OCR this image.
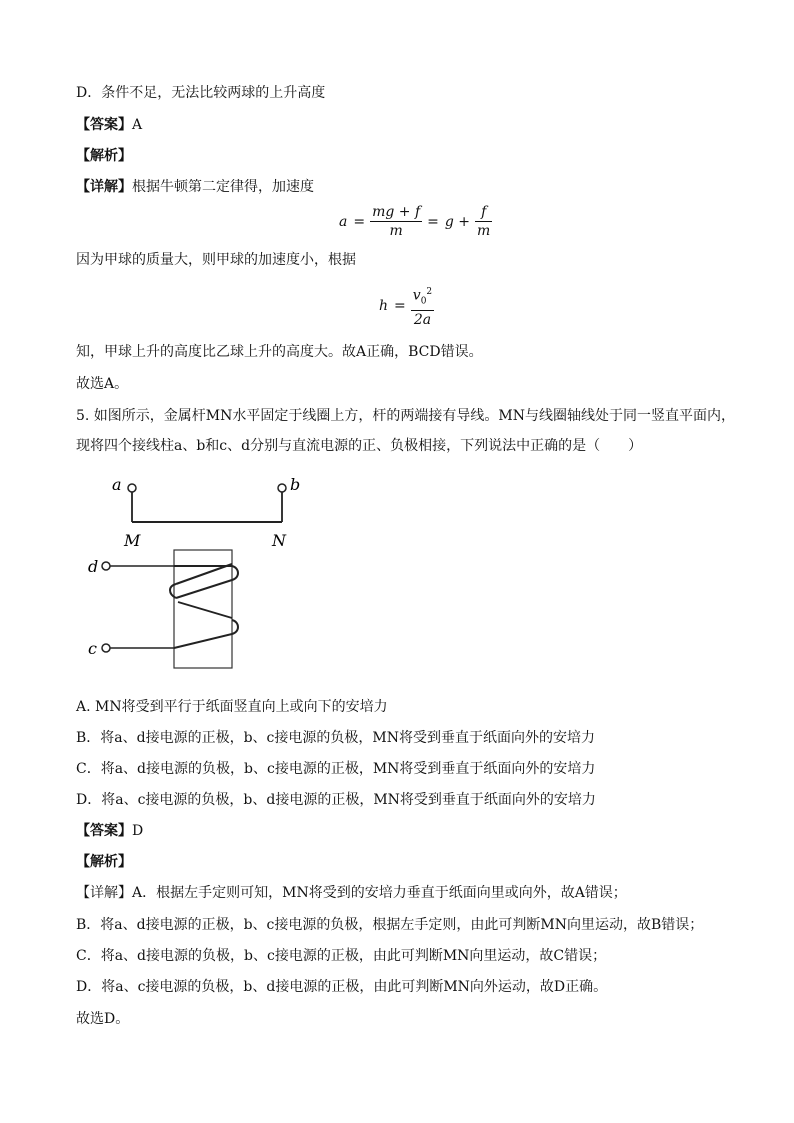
D．条件不足，无法比较两球的上升高度
【答案】A
【解析】
【详解】根据牛顿第二定律得，加速度
$a = \frac{mg + f}{m} = g + \frac{f}{m}$
因为甲球的质量大，则甲球的加速度小，根据
$h = \frac{v_0^2}{2a}$
知，甲球上升的高度比乙球上升的高度大。故A正确，BCD错误。
故选A。
5. 如图所示，金属杆MN水平固定于线圈上方，杆的两端接有导线。MN与线圈轴线处于同一竖直平面内，
现将四个接线柱a、b和c、d分别与直流电源的正、负极相接，下列说法中正确的是（　　）
a	b
M	N
d
c
A. MN将受到平行于纸面竖直向上或向下的安培力
B．将a、d接电源的正极，b、c接电源的负极，MN将受到垂直于纸面向外的安培力
C．将a、d接电源的负极，b、c接电源的正极，MN将受到垂直于纸面向外的安培力
D．将a、c接电源的负极，b、d接电源的正极，MN将受到垂直于纸面向外的安培力
【答案】D
【解析】
【详解】A．根据左手定则可知，MN将受到的安培力垂直于纸面向里或向外，故A错误；
B．将a、d接电源的正极，b、c接电源的负极，根据左手定则，由此可判断MN向里运动，故B错误；
C．将a、d接电源的负极，b、c接电源的正极，由此可判断MN向里运动，故C错误；
D．将a、c接电源的负极，b、d接电源的正极，由此可判断MN向外运动，故D正确。
故选D。
